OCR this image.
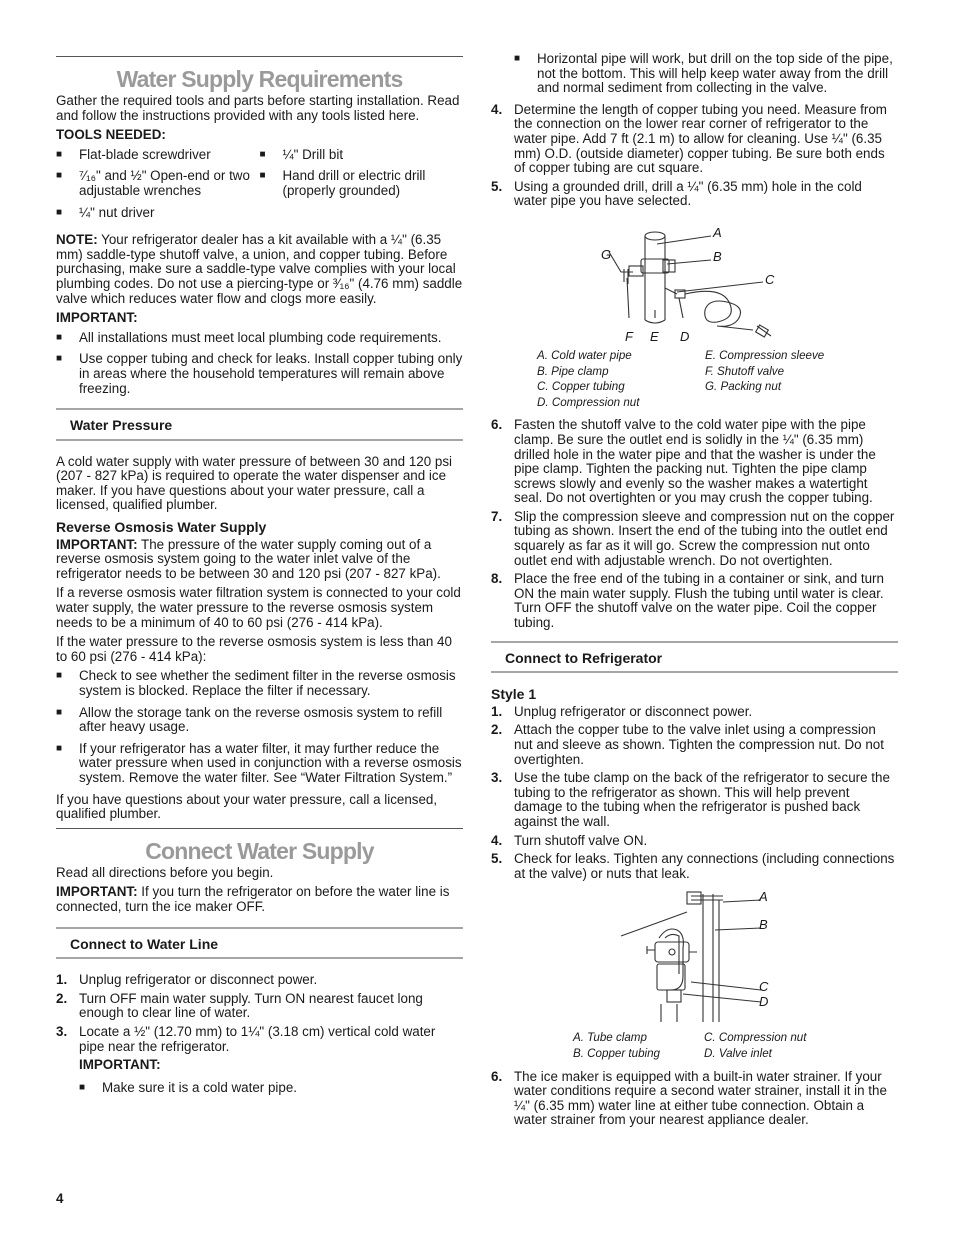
Water Supply Requirements

Gather the required tools and parts before starting installation. Read and follow the instructions provided with any tools listed here.

TOOLS NEEDED:

■ Flat-blade screwdriver
■ ⁷⁄₁₆" and ½" Open-end or two adjustable wrenches
■ ¼" nut driver
■ ¼" Drill bit
■ Hand drill or electric drill (properly grounded)

NOTE: Your refrigerator dealer has a kit available with a ¼" (6.35 mm) saddle-type shutoff valve, a union, and copper tubing. Before purchasing, make sure a saddle-type valve complies with your local plumbing codes. Do not use a piercing-type or ³⁄₁₆" (4.76 mm) saddle valve which reduces water flow and clogs more easily.

IMPORTANT:

■ All installations must meet local plumbing code requirements.
■ Use copper tubing and check for leaks. Install copper tubing only in areas where the household temperatures will remain above freezing.
Water Pressure

A cold water supply with water pressure of between 30 and 120 psi (207 - 827 kPa) is required to operate the water dispenser and ice maker. If you have questions about your water pressure, call a licensed, qualified plumber.

Reverse Osmosis Water Supply

IMPORTANT: The pressure of the water supply coming out of a reverse osmosis system going to the water inlet valve of the refrigerator needs to be between 30 and 120 psi (207 - 827 kPa).

If a reverse osmosis water filtration system is connected to your cold water supply, the water pressure to the reverse osmosis system needs to be a minimum of 40 to 60 psi (276 - 414 kPa).

If the water pressure to the reverse osmosis system is less than 40 to 60 psi (276 - 414 kPa):

■ Check to see whether the sediment filter in the reverse osmosis system is blocked. Replace the filter if necessary.
■ Allow the storage tank on the reverse osmosis system to refill after heavy usage.
■ If your refrigerator has a water filter, it may further reduce the water pressure when used in conjunction with a reverse osmosis system. Remove the water filter. See “Water Filtration System.”

If you have questions about your water pressure, call a licensed, qualified plumber.

Connect Water Supply

Read all directions before you begin.

IMPORTANT: If you turn the refrigerator on before the water line is connected, turn the ice maker OFF.

Connect to Water Line
1. Unplug refrigerator or disconnect power.
2. Turn OFF main water supply. Turn ON nearest faucet long enough to clear line of water.
3. Locate a ½" (12.70 mm) to 1¼" (3.18 cm) vertical cold water pipe near the refrigerator.
IMPORTANT:
■ Make sure it is a cold water pipe.
■ Horizontal pipe will work, but drill on the top side of the pipe, not the bottom. This will help keep water away from the drill and normal sediment from collecting in the valve.
4. Determine the length of copper tubing you need. Measure from the connection on the lower rear corner of refrigerator to the water pipe. Add 7 ft (2.1 m) to allow for cleaning. Use ¼" (6.35 mm) O.D. (outside diameter) copper tubing. Be sure both ends of copper tubing are cut square.
5. Using a grounded drill, drill a ¼" (6.35 mm) hole in the cold water pipe you have selected.
A
B
C
G
F E D
A. Cold water pipe	E. Compression sleeve
B. Pipe clamp	F. Shutoff valve
C. Copper tubing	G. Packing nut
D. Compression nut
6. Fasten the shutoff valve to the cold water pipe with the pipe clamp. Be sure the outlet end is solidly in the ¼" (6.35 mm) drilled hole in the water pipe and that the washer is under the pipe clamp. Tighten the packing nut. Tighten the pipe clamp screws slowly and evenly so the washer makes a watertight seal. Do not overtighten or you may crush the copper tubing.
7. Slip the compression sleeve and compression nut on the copper tubing as shown. Insert the end of the tubing into the outlet end squarely as far as it will go. Screw the compression nut onto outlet end with adjustable wrench. Do not overtighten.
8. Place the free end of the tubing in a container or sink, and turn ON the main water supply. Flush the tubing until water is clear. Turn OFF the shutoff valve on the water pipe. Coil the copper tubing.
Connect to Refrigerator
Style 1
1. Unplug refrigerator or disconnect power.
2. Attach the copper tube to the valve inlet using a compression nut and sleeve as shown. Tighten the compression nut. Do not overtighten.
3. Use the tube clamp on the back of the refrigerator to secure the tubing to the refrigerator as shown. This will help prevent damage to the tubing when the refrigerator is pushed back against the wall.
4. Turn shutoff valve ON.
5. Check for leaks. Tighten any connections (including connections at the valve) or nuts that leak.
A
B
C
D
A. Tube clamp	C. Compression nut
B. Copper tubing	D. Valve inlet
6. The ice maker is equipped with a built-in water strainer. If your water conditions require a second water strainer, install it in the ¼" (6.35 mm) water line at either tube connection. Obtain a water strainer from your nearest appliance dealer.
4
